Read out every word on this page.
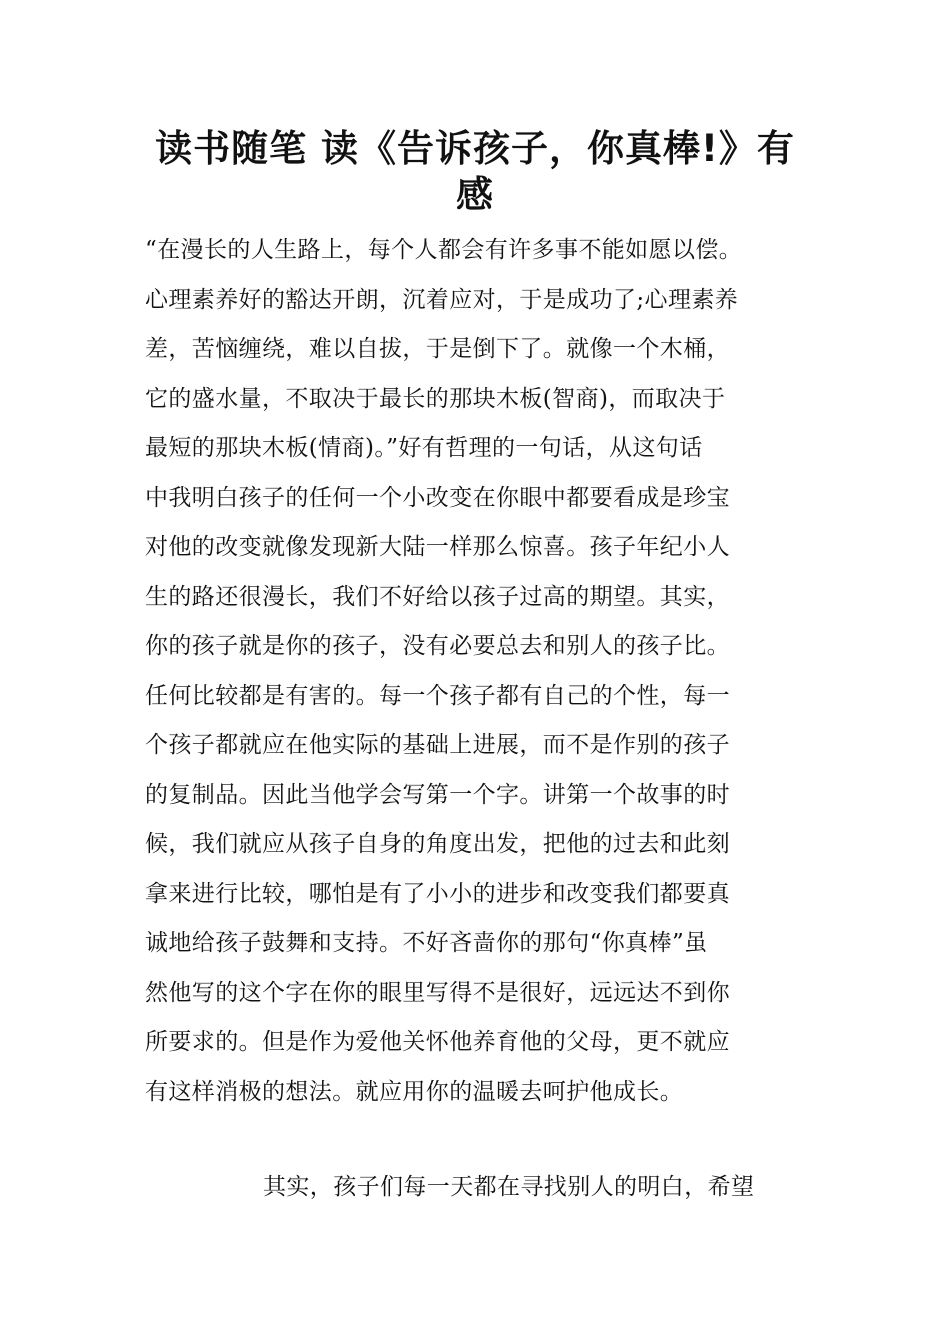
读书随笔 读《告诉孩子，你真棒!》有
感
“在漫长的人生路上，每个人都会有许多事不能如愿以偿。
心理素养好的豁达开朗，沉着应对，于是成功了;心理素养
差，苦恼缠绕，难以自拔，于是倒下了。就像一个木桶，
它的盛水量，不取决于最长的那块木板(智商)，而取决于
最短的那块木板(情商)。”好有哲理的一句话，从这句话
中我明白孩子的任何一个小改变在你眼中都要看成是珍宝
对他的改变就像发现新大陆一样那么惊喜。孩子年纪小人
生的路还很漫长，我们不好给以孩子过高的期望。其实，
你的孩子就是你的孩子，没有必要总去和别人的孩子比。
任何比较都是有害的。每一个孩子都有自己的个性，每一
个孩子都就应在他实际的基础上进展，而不是作别的孩子
的复制品。因此当他学会写第一个字。讲第一个故事的时
候，我们就应从孩子自身的角度出发，把他的过去和此刻
拿来进行比较，哪怕是有了小小的进步和改变我们都要真
诚地给孩子鼓舞和支持。不好吝啬你的那句“你真棒”虽
然他写的这个字在你的眼里写得不是很好，远远达不到你
所要求的。但是作为爱他关怀他养育他的父母，更不就应
有这样消极的想法。就应用你的温暖去呵护他成长。
其实，孩子们每一天都在寻找别人的明白，希望
